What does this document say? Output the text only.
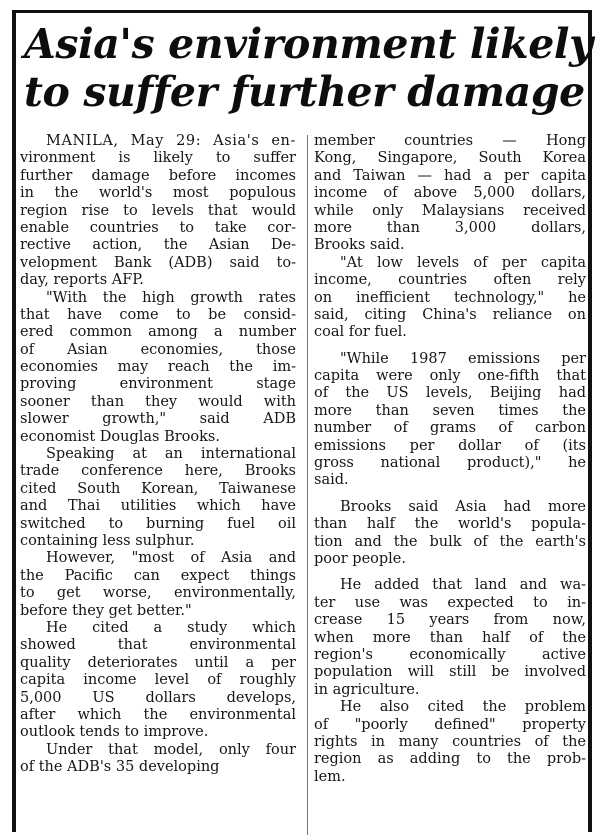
Asia's environment likely
to suffer further damage

MANILA, May 29: Asia's en-
vironment is likely to suffer
further damage before incomes
in the world's most populous
region rise to levels that would
enable countries to take cor-
rective action, the Asian De-
velopment Bank (ADB) said to-
day, reports AFP.

"With the high growth rates
that have come to be consid-
ered common among a number
of Asian economies, those
economies may reach the im-
proving environment stage
sooner than they would with
slower growth," said ADB
economist Douglas Brooks.

Speaking at an international
trade conference here, Brooks
cited South Korean, Taiwanese
and Thai utilities which have
switched to burning fuel oil
containing less sulphur.

However, "most of Asia and
the Pacific can expect things
to get worse, environmentally,
before they get better."

He cited a study which
showed that environmental
quality deteriorates until a per
capita income level of roughly
5,000 US dollars develops,
after which the environmental
outlook tends to improve.

Under that model, only four
of the ADB's 35 developing

member countries — Hong
Kong, Singapore, South Korea
and Taiwan — had a per capita
income of above 5,000 dollars,
while only Malaysians received
more than 3,000 dollars,
Brooks said.

"At low levels of per capita
income, countries often rely
on inefficient technology," he
said, citing China's reliance on
coal for fuel.

"While 1987 emissions per
capita were only one-fifth that
of the US levels, Beijing had
more than seven times the
number of grams of carbon
emissions per dollar of (its
gross national product)," he
said.

Brooks said Asia had more
than half the world's popula-
tion and the bulk of the earth's
poor people.

He added that land and wa-
ter use was expected to in-
crease 15 years from now,
when more than half of the
region's economically active
population will still be involved
in agriculture.

He also cited the problem
of "poorly defined" property
rights in many countries of the
region as adding to the prob-
lem.
